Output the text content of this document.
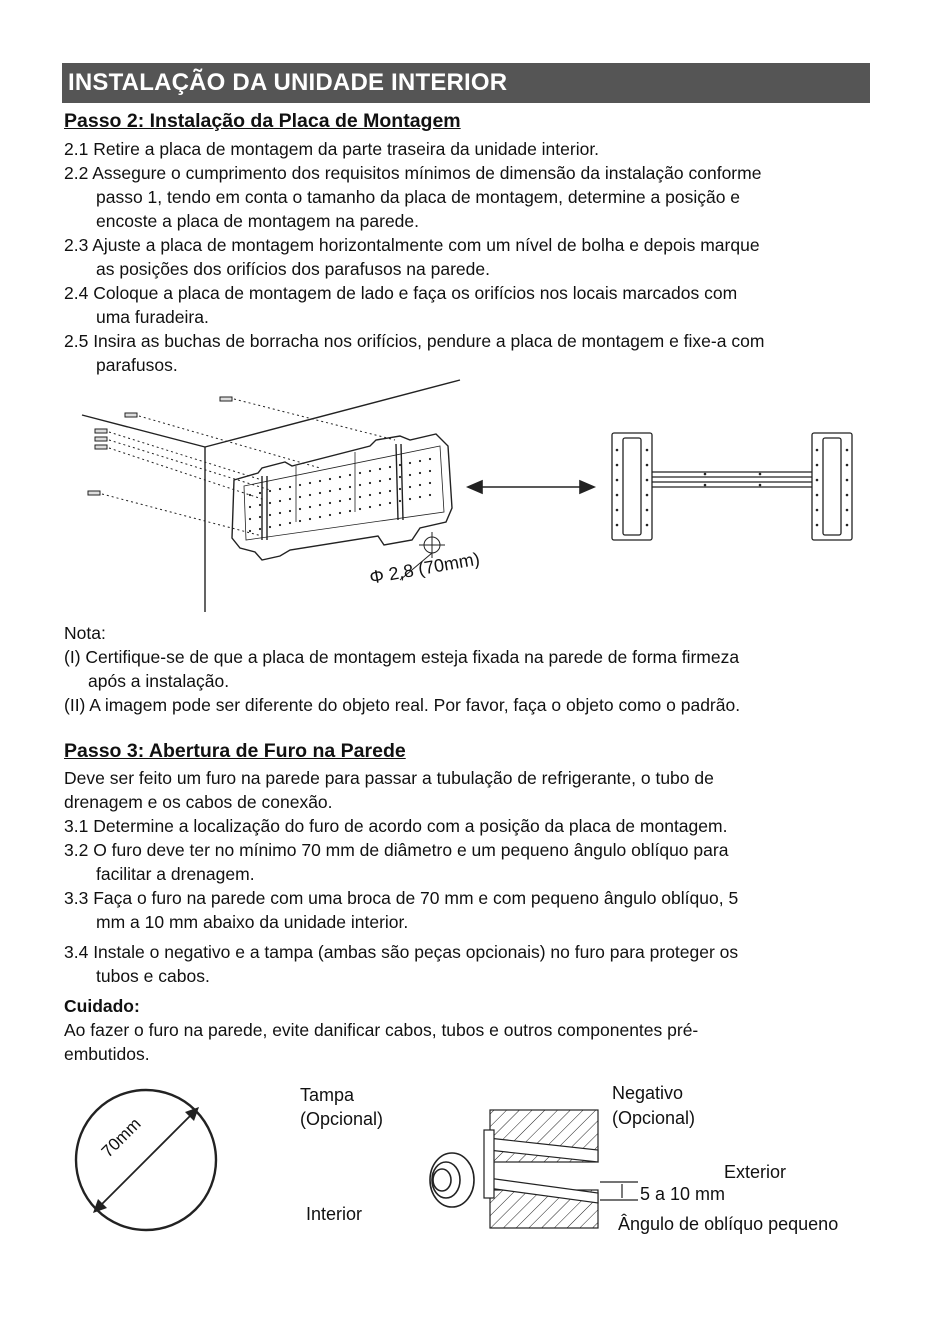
INSTALAÇÃO DA UNIDADE INTERIOR
Passo 2: Instalação da Placa de Montagem
2.1 Retire a placa de montagem da parte traseira da unidade interior.
2.2 Assegure o cumprimento dos requisitos mínimos de dimensão da instalação conforme
passo 1, tendo em conta o tamanho da placa de montagem, determine a posição e
encoste a placa de montagem na parede.
2.3 Ajuste a placa de montagem horizontalmente com um nível de bolha e depois marque
as posições dos orifícios dos parafusos na parede.
2.4 Coloque a placa de montagem de lado e faça os orifícios nos locais marcados com
uma furadeira.
2.5 Insira as buchas de borracha nos orifícios, pendure a placa de montagem e fixe-a com
parafusos.
Φ 2,8 (70mm)
Nota:
(I) Certifique-se de que a placa de montagem esteja fixada na parede de forma firmeza
após a instalação.
(II) A imagem pode ser diferente do objeto real. Por favor, faça o objeto como o padrão.
Passo 3: Abertura de Furo na Parede
Deve ser feito um furo na parede para passar a tubulação de refrigerante, o tubo de
drenagem e os cabos de conexão.
3.1 Determine a localização do furo de acordo com a posição da placa de montagem.
3.2 O furo deve ter no mínimo 70 mm de diâmetro e um pequeno ângulo oblíquo para
facilitar a drenagem.
3.3 Faça o furo na parede com uma broca de 70 mm e com pequeno ângulo oblíquo, 5
mm a 10 mm abaixo da unidade interior.
3.4 Instale o negativo e a tampa (ambas são peças opcionais) no furo para proteger os
tubos e cabos.
Cuidado:
Ao fazer o furo na parede, evite danificar cabos, tubos e outros componentes pré-
embutidos.
70mm
Tampa
(Opcional)
Interior
Negativo
(Opcional)
Exterior
5 a 10 mm
Ângulo de oblíquo pequeno
